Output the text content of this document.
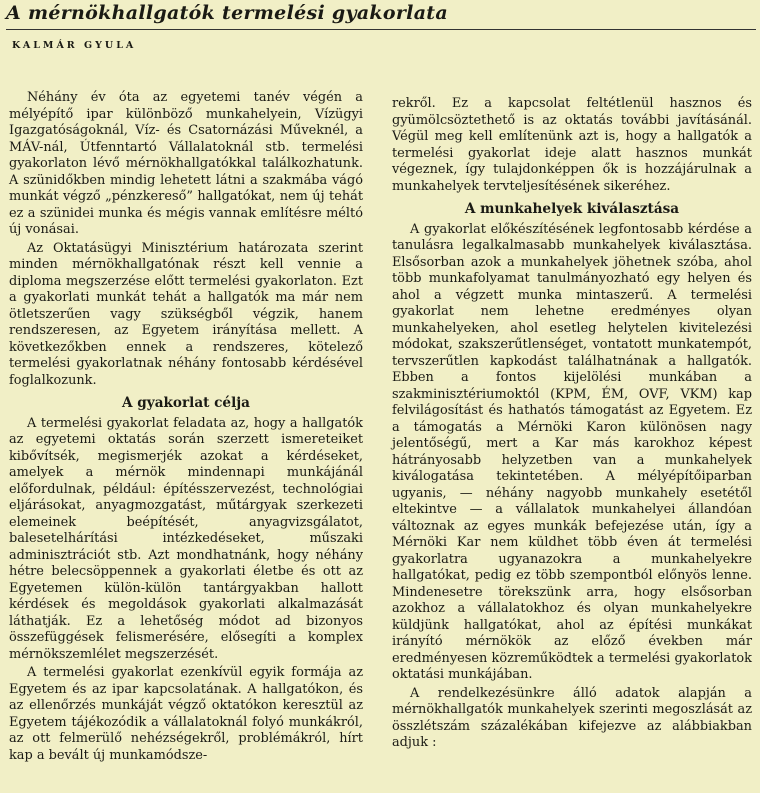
A mérnökhallgatók termelési gyakorlata
KALMÁR GYULA

Néhány év óta az egyetemi tanév végén a mélyépítő ipar különböző munkahelyein, Vízügyi Igazgatóságoknál, Víz- és Csatornázási Műveknél, a MÁV-nál, Útfenntartó Vállalatoknál stb. termelési gyakorlaton lévő mérnökhallgatókkal találkozhatunk. A szünidőkben mindig lehetett látni a szakmába vágó munkát végző „pénzkereső” hallgatókat, nem új tehát ez a szünidei munka és mégis vannak említésre méltó új vonásai.

Az Oktatásügyi Minisztérium határozata szerint minden mérnökhallgatónak részt kell vennie a diploma megszerzése előtt termelési gyakorlaton. Ezt a gyakorlati munkát tehát a hallgatók ma már nem ötletszerűen vagy szükségből végzik, hanem rendszeresen, az Egyetem irányítása mellett. A következőkben ennek a rendszeres, kötelező termelési gyakorlatnak néhány fontosabb kérdésével foglalkozunk.

A gyakorlat célja

A termelési gyakorlat feladata az, hogy a hallgatók az egyetemi oktatás során szerzett ismereteiket kibővítsék, megismerjék azokat a kérdéseket, amelyek a mérnök mindennapi munkájánál előfordulnak, például: építésszervezést, technológiai eljárásokat, anyagmozgatást, műtárgyak szerkezeti elemeinek beépítését, anyagvizsgálatot, balesetelhárítási intézkedéseket, műszaki adminisztrációt stb. Azt mondhatnánk, hogy néhány hétre belecsöppennek a gyakorlati életbe és ott az Egyetemen külön-külön tantárgyakban hallott kérdések és megoldások gyakorlati alkalmazását láthatják. Ez a lehetőség módot ad bizonyos összefüggések felismerésére, elősegíti a komplex mérnökszemlélet megszerzését.

A termelési gyakorlat ezenkívül egyik formája az Egyetem és az ipar kapcsolatának. A hallgatókon, és az ellenőrzés munkáját végző oktatókon keresztül az Egyetem tájékozódik a vállalatoknál folyó munkákról, az ott felmerülő nehézségekről, problémákról, hírt kap a bevált új munkamódsze-

rekről. Ez a kapcsolat feltétlenül hasznos és gyümölcsöztethető is az oktatás további javításánál. Végül meg kell említenünk azt is, hogy a hallgatók a termelési gyakorlat ideje alatt hasznos munkát végeznek, így tulajdonképpen ők is hozzájárulnak a munkahelyek tervteljesítésének sikeréhez.

A munkahelyek kiválasztása

A gyakorlat előkészítésének legfontosabb kérdése a tanulásra legalkalmasabb munkahelyek kiválasztása. Elsősorban azok a munkahelyek jöhetnek szóba, ahol több munkafolyamat tanulmányozható egy helyen és ahol a végzett munka mintaszerű. A termelési gyakorlat nem lehetne eredményes olyan munkahelyeken, ahol esetleg helytelen kivitelezési módokat, szakszerűtlenséget, vontatott munkatempót, tervszerűtlen kapkodást találhatnának a hallgatók. Ebben a fontos kijelölési munkában a szakminisztériumoktól (KPM, ÉM, OVF, VKM) kap felvilágosítást és hathatós támogatást az Egyetem. Ez a támogatás a Mérnöki Karon különösen nagy jelentőségű, mert a Kar más karokhoz képest hátrányosabb helyzetben van a munkahelyek kiválogatása tekintetében. A mélyépítőiparban ugyanis, — néhány nagyobb munkahely esetétől eltekintve — a vállalatok munkahelyei állandóan változnak az egyes munkák befejezése után, így a Mérnöki Kar nem küldhet több éven át termelési gyakorlatra ugyanazokra a munkahelyekre hallgatókat, pedig ez több szempontból előnyös lenne. Mindenesetre törekszünk arra, hogy elsősorban azokhoz a vállalatokhoz és olyan munkahelyekre küldjünk hallgatókat, ahol az építési munkákat irányító mérnökök az előző években már eredményesen közreműködtek a termelési gyakorlatok oktatási munkájában.

A rendelkezésünkre álló adatok alapján a mérnökhallgatók munkahelyek szerinti megoszlását az összlétszám százalékában kifejezve az alábbiakban adjuk :
